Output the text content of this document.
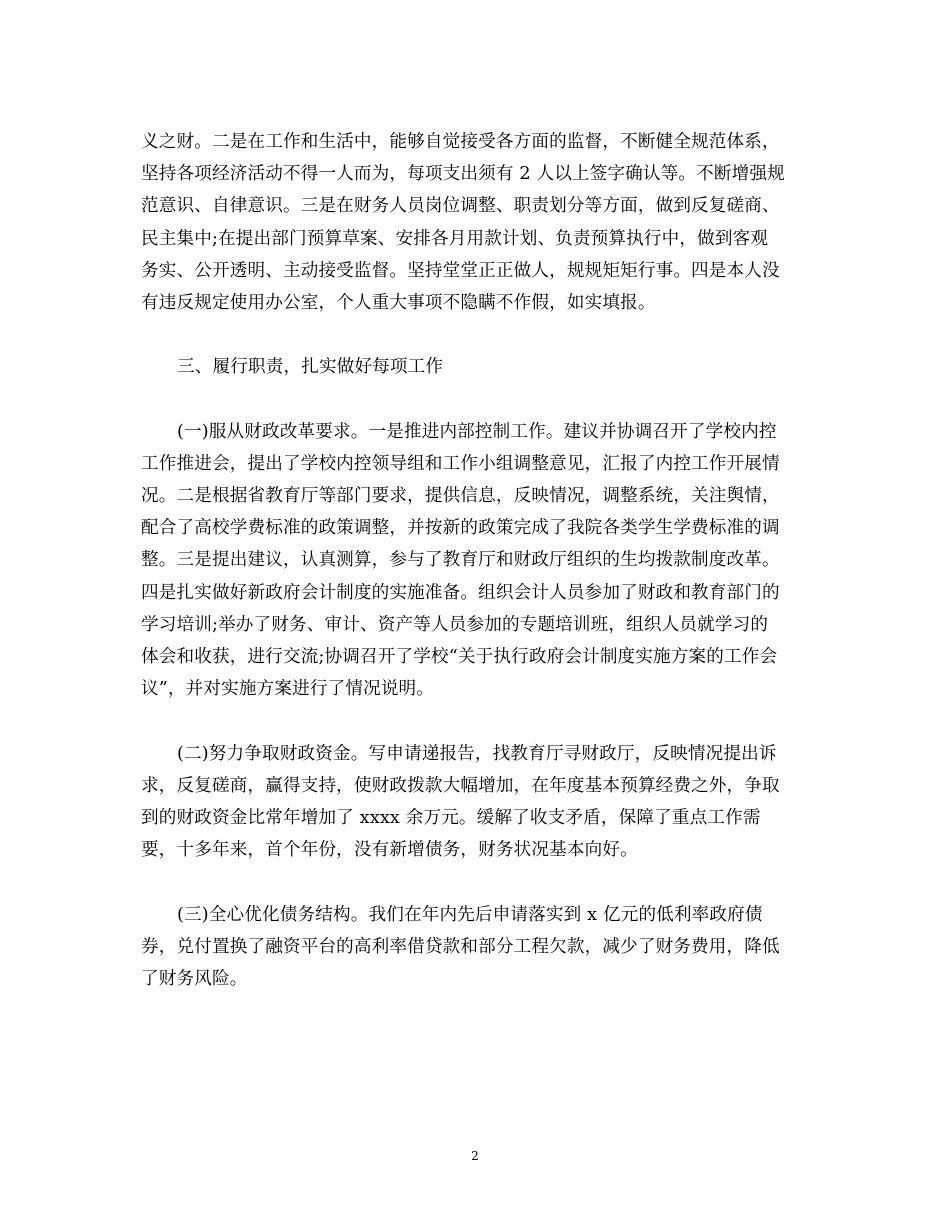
义之财。二是在工作和生活中，能够自觉接受各方面的监督，不断健全规范体系，
坚持各项经济活动不得一人而为，每项支出须有 2 人以上签字确认等。不断增强规
范意识、自律意识。三是在财务人员岗位调整、职责划分等方面，做到反复磋商、
民主集中;在提出部门预算草案、安排各月用款计划、负责预算执行中，做到客观
务实、公开透明、主动接受监督。坚持堂堂正正做人，规规矩矩行事。四是本人没
有违反规定使用办公室，个人重大事项不隐瞒不作假，如实填报。
三、履行职责，扎实做好每项工作
(一)服从财政改革要求。一是推进内部控制工作。建议并协调召开了学校内控
工作推进会，提出了学校内控领导组和工作小组调整意见，汇报了内控工作开展情
况。二是根据省教育厅等部门要求，提供信息，反映情况，调整系统，关注舆情，
配合了高校学费标准的政策调整，并按新的政策完成了我院各类学生学费标准的调
整。三是提出建议，认真测算，参与了教育厅和财政厅组织的生均拨款制度改革。
四是扎实做好新政府会计制度的实施准备。组织会计人员参加了财政和教育部门的
学习培训;举办了财务、审计、资产等人员参加的专题培训班，组织人员就学习的
体会和收获，进行交流;协调召开了学校“关于执行政府会计制度实施方案的工作会
议”，并对实施方案进行了情况说明。
(二)努力争取财政资金。写申请递报告，找教育厅寻财政厅，反映情况提出诉
求，反复磋商，赢得支持，使财政拨款大幅增加，在年度基本预算经费之外，争取
到的财政资金比常年增加了 xxxx 余万元。缓解了收支矛盾，保障了重点工作需
要，十多年来，首个年份，没有新增债务，财务状况基本向好。
(三)全心优化债务结构。我们在年内先后申请落实到 x 亿元的低利率政府债
券，兑付置换了融资平台的高利率借贷款和部分工程欠款，减少了财务费用，降低
了财务风险。
2
